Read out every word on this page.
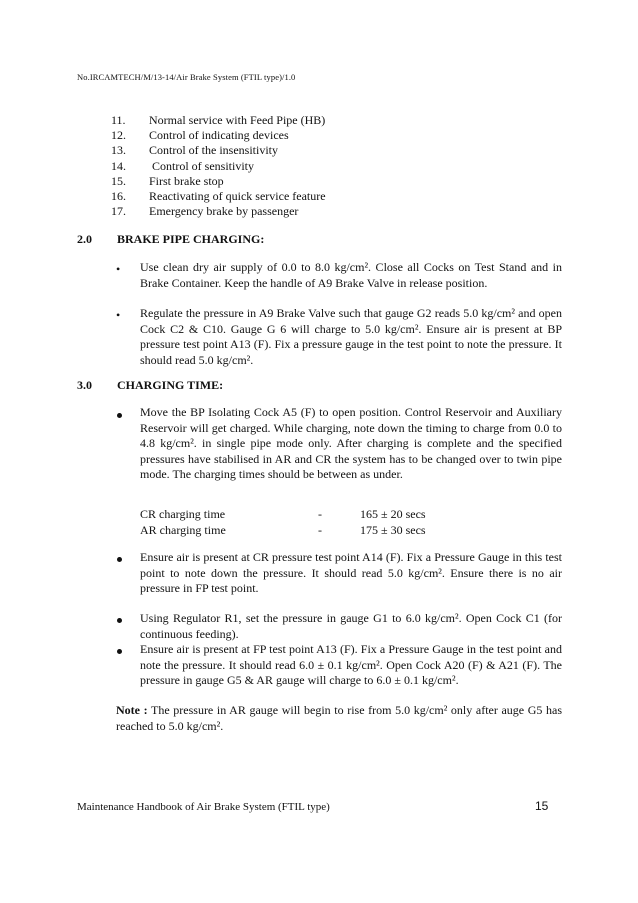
No.IRCAMTECH/M/13-14/Air Brake System (FTIL type)/1.0
11.	Normal service with Feed Pipe (HB)
12.	Control of indicating devices
13.	Control of the insensitivity
14.	Control of sensitivity
15.	First brake stop
16.	Reactivating of quick service feature
17.	Emergency brake by passenger
2.0	BRAKE PIPE CHARGING:
• Use clean dry air supply of 0.0 to 8.0 kg/cm². Close all Cocks on Test Stand and in Brake Container. Keep the handle of A9 Brake Valve in release position.
• Regulate the pressure in A9 Brake Valve such that gauge G2 reads 5.0 kg/cm² and open Cock C2 & C10. Gauge G 6 will charge to 5.0 kg/cm². Ensure air is present at BP pressure test point A13 (F). Fix a pressure gauge in the test point to note the pressure. It should read 5.0 kg/cm².
3.0	CHARGING TIME:
Move the BP Isolating Cock A5 (F) to open position. Control Reservoir and Auxiliary Reservoir will get charged. While charging, note down the timing to charge from 0.0 to 4.8 kg/cm². in single pipe mode only. After charging is complete and the specified pressures have stabilised in AR and CR the system has to be changed over to twin pipe mode. The charging times should be between as under.
CR charging time	-	165 ± 20 secs
AR charging time	-	175 ± 30 secs
Ensure air is present at CR pressure test point A14 (F). Fix a Pressure Gauge in this test point to note down the pressure. It should read 5.0 kg/cm². Ensure there is no air pressure in FP test point.
Using Regulator R1, set the pressure in gauge G1 to 6.0 kg/cm². Open Cock C1 (for continuous feeding).
Ensure air is present at FP test point A13 (F). Fix a Pressure Gauge in the test point and note the pressure. It should read 6.0 ± 0.1 kg/cm². Open Cock A20 (F) & A21 (F). The pressure in gauge G5 & AR gauge will charge to 6.0 ± 0.1 kg/cm².
Note : The pressure in AR gauge will begin to rise from 5.0 kg/cm² only after auge G5 has reached to 5.0 kg/cm².
Maintenance Handbook of Air Brake System (FTIL type)	15
